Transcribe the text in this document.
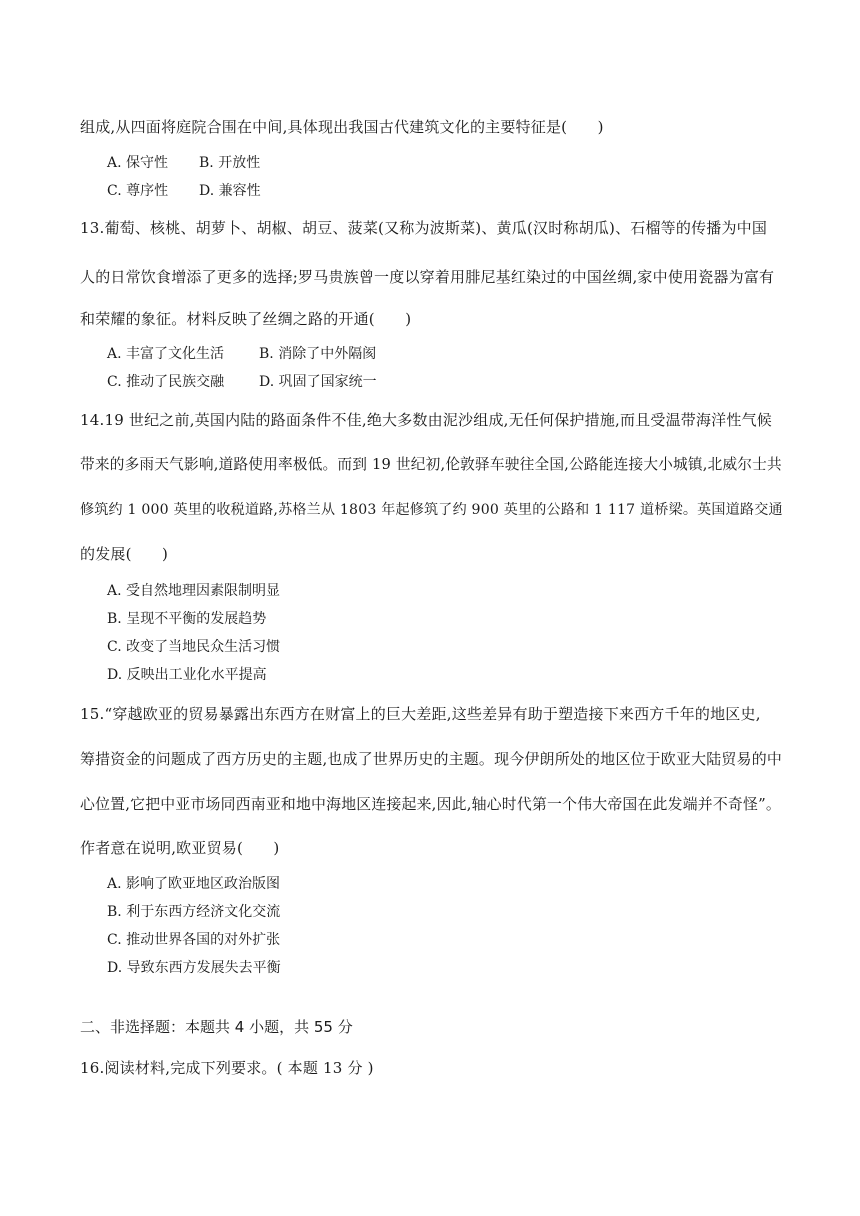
组成,从四面将庭院合围在中间,具体现出我国古代建筑文化的主要特征是(　　)
A. 保守性 B. 开放性
C. 尊序性 D. 兼容性
13.葡萄、核桃、胡萝卜、胡椒、胡豆、菠菜(又称为波斯菜)、黄瓜(汉时称胡瓜)、石榴等的传播为中国
人的日常饮食增添了更多的选择;罗马贵族曾一度以穿着用腓尼基红染过的中国丝绸,家中使用瓷器为富有
和荣耀的象征。材料反映了丝绸之路的开通(　　)
A. 丰富了文化生活 B. 消除了中外隔阂
C. 推动了民族交融 D. 巩固了国家统一
14.19 世纪之前,英国内陆的路面条件不佳,绝大多数由泥沙组成,无任何保护措施,而且受温带海洋性气候
带来的多雨天气影响,道路使用率极低。而到 19 世纪初,伦敦驿车驶往全国,公路能连接大小城镇,北威尔士共
修筑约 1 000 英里的收税道路,苏格兰从 1803 年起修筑了约 900 英里的公路和 1 117 道桥梁。英国道路交通
的发展(　　)
A. 受自然地理因素限制明显
B. 呈现不平衡的发展趋势
C. 改变了当地民众生活习惯
D. 反映出工业化水平提高
15.“穿越欧亚的贸易暴露出东西方在财富上的巨大差距,这些差异有助于塑造接下来西方千年的地区史,
筹措资金的问题成了西方历史的主题,也成了世界历史的主题。现今伊朗所处的地区位于欧亚大陆贸易的中
心位置,它把中亚市场同西南亚和地中海地区连接起来,因此,轴心时代第一个伟大帝国在此发端并不奇怪”。
作者意在说明,欧亚贸易(　　)
A. 影响了欧亚地区政治版图
B. 利于东西方经济文化交流
C. 推动世界各国的对外扩张
D. 导致东西方发展失去平衡
二、非选择题：本题共 4 小题，共 55 分
16.阅读材料,完成下列要求。( 本题 13 分 )
